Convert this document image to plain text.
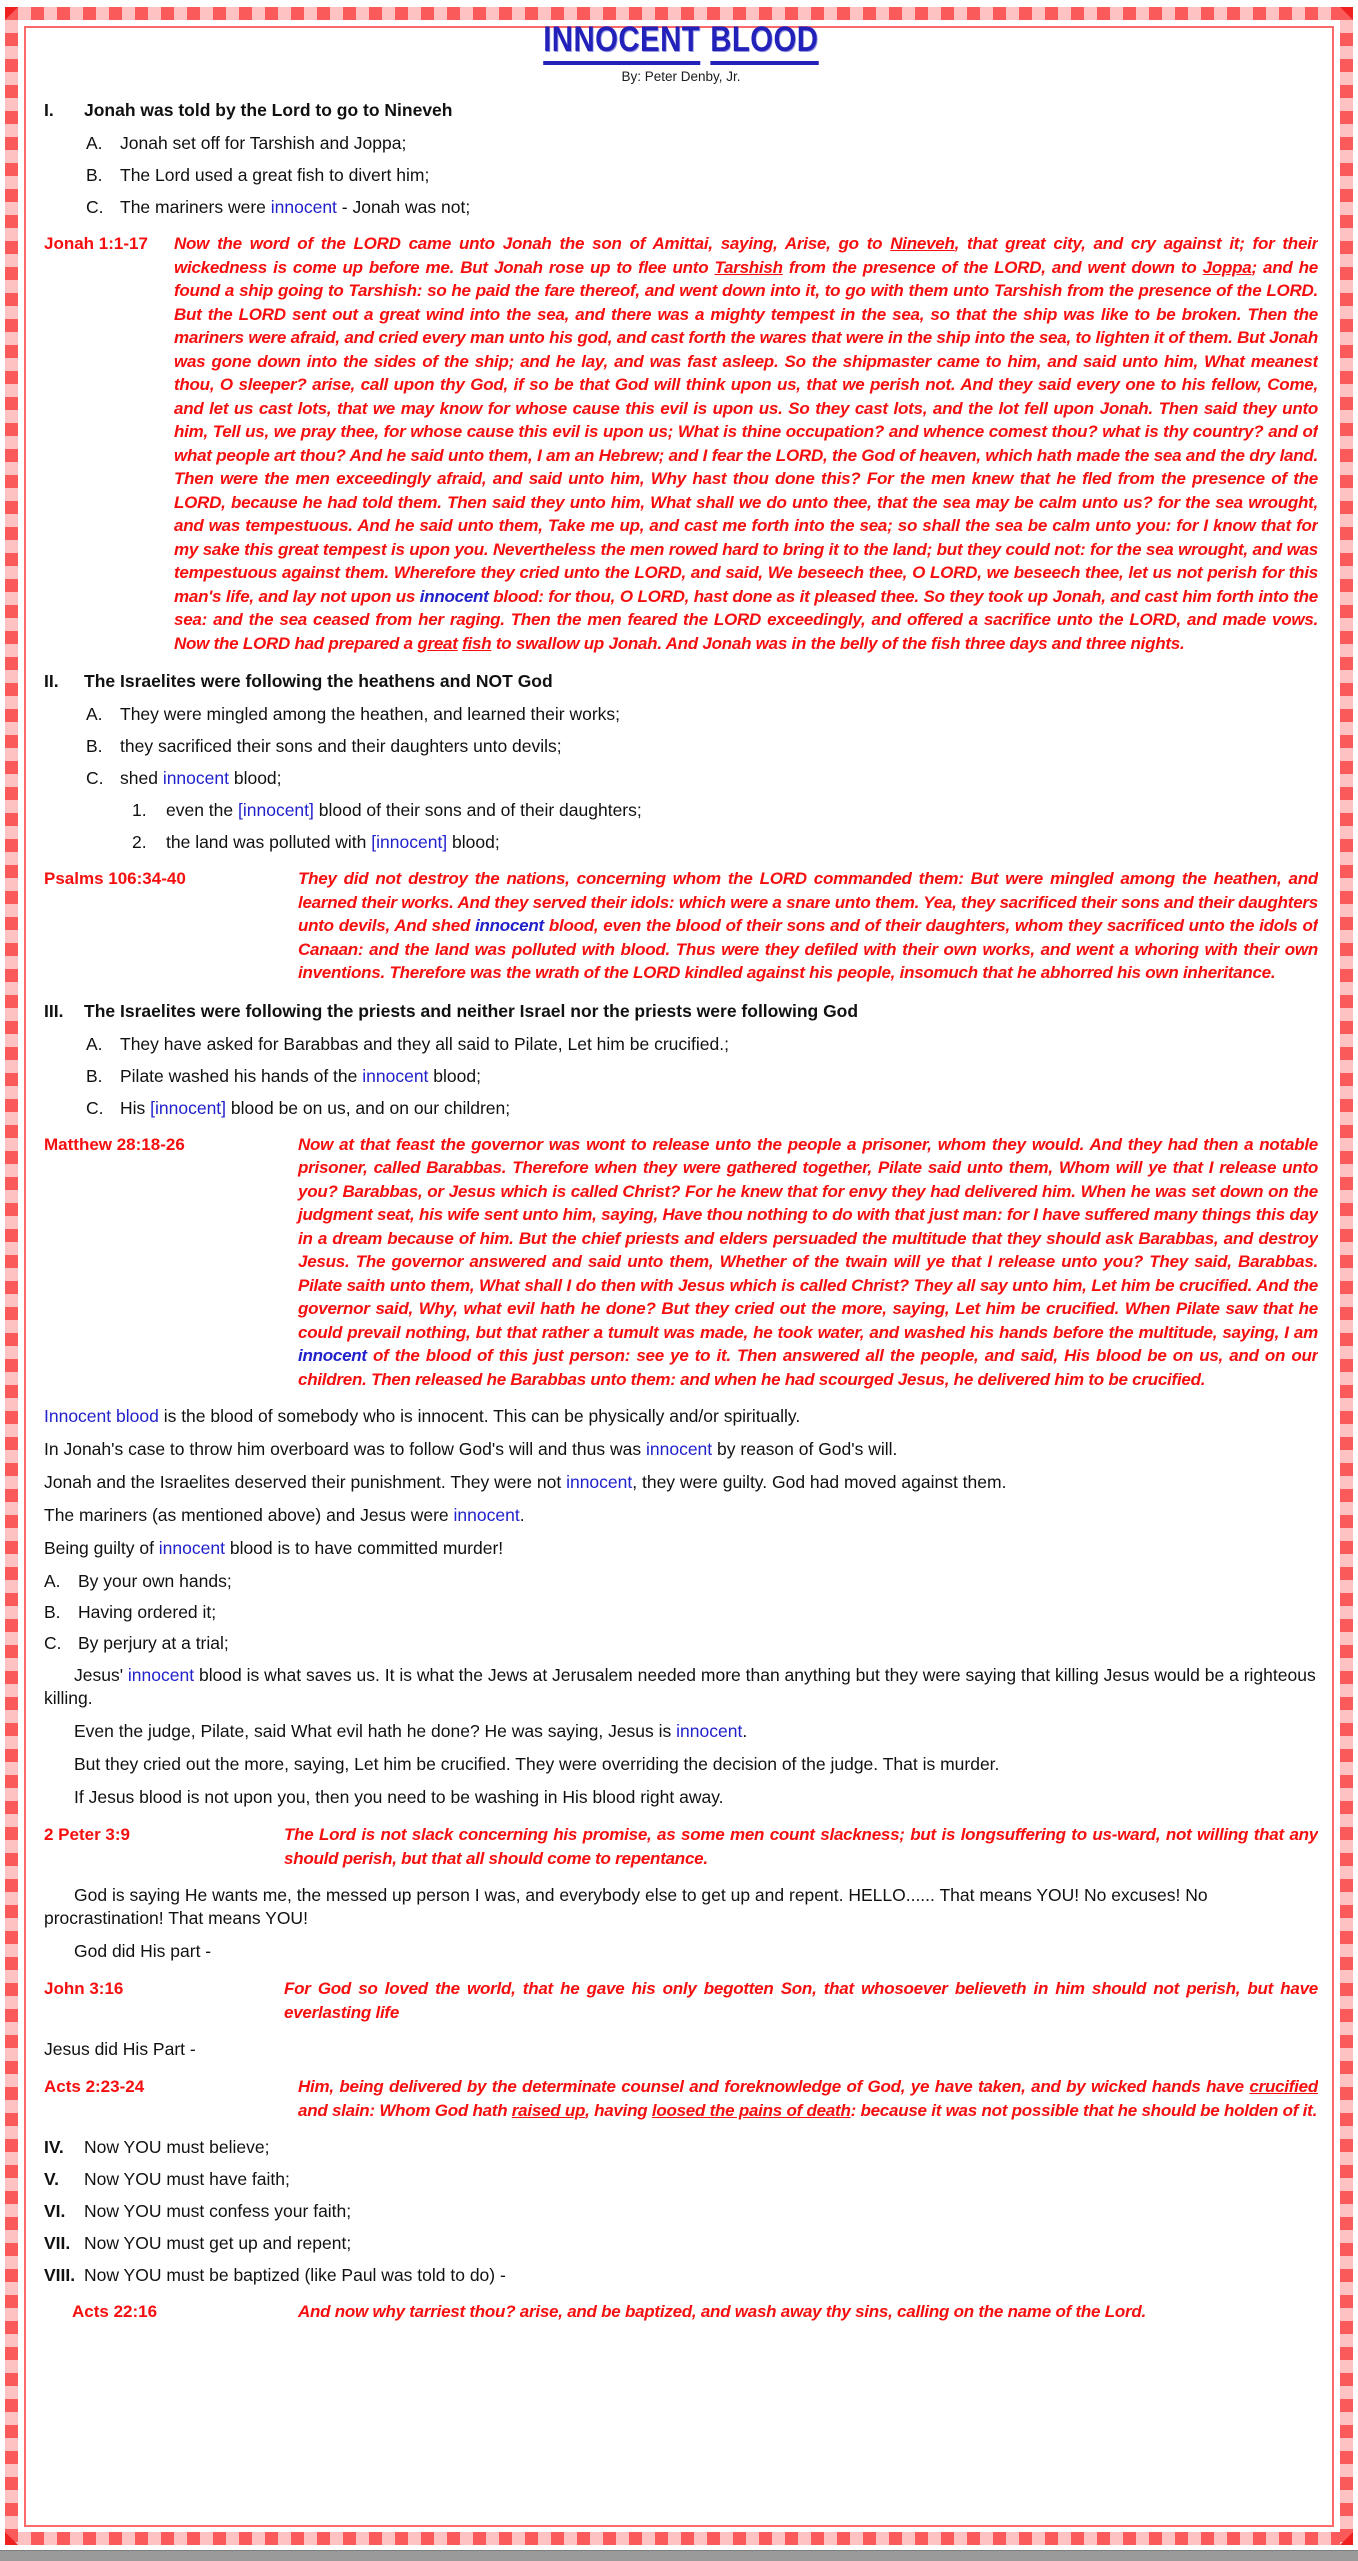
INNOCENT BLOOD
By: Peter Denby, Jr.
I.	Jonah was told by the Lord to go to Nineveh
A. Jonah set off for Tarshish and Joppa;
B. The Lord used a great fish to divert him;
C. The mariners were innocent - Jonah was not;
Jonah 1:1-17	Now the word of the LORD came unto Jonah the son of Amittai, saying, Arise, go to Nineveh, that great city, and cry against it; for their wickedness is come up before me. But Jonah rose up to flee unto Tarshish from the presence of the LORD, and went down to Joppa; and he found a ship going to Tarshish: so he paid the fare thereof, and went down into it, to go with them unto Tarshish from the presence of the LORD. But the LORD sent out a great wind into the sea, and there was a mighty tempest in the sea, so that the ship was like to be broken. Then the mariners were afraid, and cried every man unto his god, and cast forth the wares that were in the ship into the sea, to lighten it of them. But Jonah was gone down into the sides of the ship; and he lay, and was fast asleep. So the shipmaster came to him, and said unto him, What meanest thou, O sleeper? arise, call upon thy God, if so be that God will think upon us, that we perish not. And they said every one to his fellow, Come, and let us cast lots, that we may know for whose cause this evil is upon us. So they cast lots, and the lot fell upon Jonah. Then said they unto him, Tell us, we pray thee, for whose cause this evil is upon us; What is thine occupation? and whence comest thou? what is thy country? and of what people art thou? And he said unto them, I am an Hebrew; and I fear the LORD, the God of heaven, which hath made the sea and the dry land. Then were the men exceedingly afraid, and said unto him, Why hast thou done this? For the men knew that he fled from the presence of the LORD, because he had told them. Then said they unto him, What shall we do unto thee, that the sea may be calm unto us? for the sea wrought, and was tempestuous. And he said unto them, Take me up, and cast me forth into the sea; so shall the sea be calm unto you: for I know that for my sake this great tempest is upon you. Nevertheless the men rowed hard to bring it to the land; but they could not: for the sea wrought, and was tempestuous against them. Wherefore they cried unto the LORD, and said, We beseech thee, O LORD, we beseech thee, let us not perish for this man's life, and lay not upon us innocent blood: for thou, O LORD, hast done as it pleased thee. So they took up Jonah, and cast him forth into the sea: and the sea ceased from her raging. Then the men feared the LORD exceedingly, and offered a sacrifice unto the LORD, and made vows. Now the LORD had prepared a great fish to swallow up Jonah. And Jonah was in the belly of the fish three days and three nights.
II.	The Israelites were following the heathens and NOT God
A. They were mingled among the heathen, and learned their works;
B. they sacrificed their sons and their daughters unto devils;
C. shed innocent blood;
1.	even the [innocent] blood of their sons and of their daughters;
2.	the land was polluted with [innocent] blood;
Psalms 106:34-40	They did not destroy the nations, concerning whom the LORD commanded them: But were mingled among the heathen, and learned their works. And they served their idols: which were a snare unto them. Yea, they sacrificed their sons and their daughters unto devils, And shed innocent blood, even the blood of their sons and of their daughters, whom they sacrificed unto the idols of Canaan: and the land was polluted with blood. Thus were they defiled with their own works, and went a whoring with their own inventions. Therefore was the wrath of the LORD kindled against his people, insomuch that he abhorred his own inheritance.
III.	The Israelites were following the priests and neither Israel nor the priests were following God
A. They have asked for Barabbas and they all said to Pilate, Let him be crucified.;
B. Pilate washed his hands of the innocent blood;
C. His [innocent] blood be on us, and on our children;
Matthew 28:18-26	Now at that feast the governor was wont to release unto the people a prisoner, whom they would. And they had then a notable prisoner, called Barabbas. Therefore when they were gathered together, Pilate said unto them, Whom will ye that I release unto you? Barabbas, or Jesus which is called Christ? For he knew that for envy they had delivered him. When he was set down on the judgment seat, his wife sent unto him, saying, Have thou nothing to do with that just man: for I have suffered many things this day in a dream because of him. But the chief priests and elders persuaded the multitude that they should ask Barabbas, and destroy Jesus. The governor answered and said unto them, Whether of the twain will ye that I release unto you? They said, Barabbas. Pilate saith unto them, What shall I do then with Jesus which is called Christ? They all say unto him, Let him be crucified. And the governor said, Why, what evil hath he done? But they cried out the more, saying, Let him be crucified. When Pilate saw that he could prevail nothing, but that rather a tumult was made, he took water, and washed his hands before the multitude, saying, I am innocent of the blood of this just person: see ye to it. Then answered all the people, and said, His blood be on us, and on our children. Then released he Barabbas unto them: and when he had scourged Jesus, he delivered him to be crucified.
Innocent blood is the blood of somebody who is innocent. This can be physically and/or spiritually.
In Jonah's case to throw him overboard was to follow God's will and thus was innocent by reason of God's will.
Jonah and the Israelites deserved their punishment. They were not innocent, they were guilty. God had moved against them.
The mariners (as mentioned above) and Jesus were innocent.
Being guilty of innocent blood is to have committed murder!
A. By your own hands;
B. Having ordered it;
C. By perjury at a trial;
Jesus' innocent blood is what saves us. It is what the Jews at Jerusalem needed more than anything but they were saying that killing Jesus would be a righteous killing.
Even the judge, Pilate, said What evil hath he done? He was saying, Jesus is innocent.
But they cried out the more, saying, Let him be crucified. They were overriding the decision of the judge. That is murder.
If Jesus blood is not upon you, then you need to be washing in His blood right away.
2 Peter 3:9	The Lord is not slack concerning his promise, as some men count slackness; but is longsuffering to us-ward, not willing that any should perish, but that all should come to repentance.
God is saying He wants me, the messed up person I was, and everybody else to get up and repent. HELLO...... That means YOU! No excuses! No procrastination! That means YOU!
God did His part -
John 3:16	For God so loved the world, that he gave his only begotten Son, that whosoever believeth in him should not perish, but have everlasting life
Jesus did His Part -
Acts 2:23-24	Him, being delivered by the determinate counsel and foreknowledge of God, ye have taken, and by wicked hands have crucified and slain: Whom God hath raised up, having loosed the pains of death: because it was not possible that he should be holden of it.
IV.	Now YOU must believe;
V.	Now YOU must have faith;
VI.	Now YOU must confess your faith;
VII. Now YOU must get up and repent;
VIII. Now YOU must be baptized (like Paul was told to do) -
Acts 22:16	And now why tarriest thou? arise, and be baptized, and wash away thy sins, calling on the name of the Lord.
